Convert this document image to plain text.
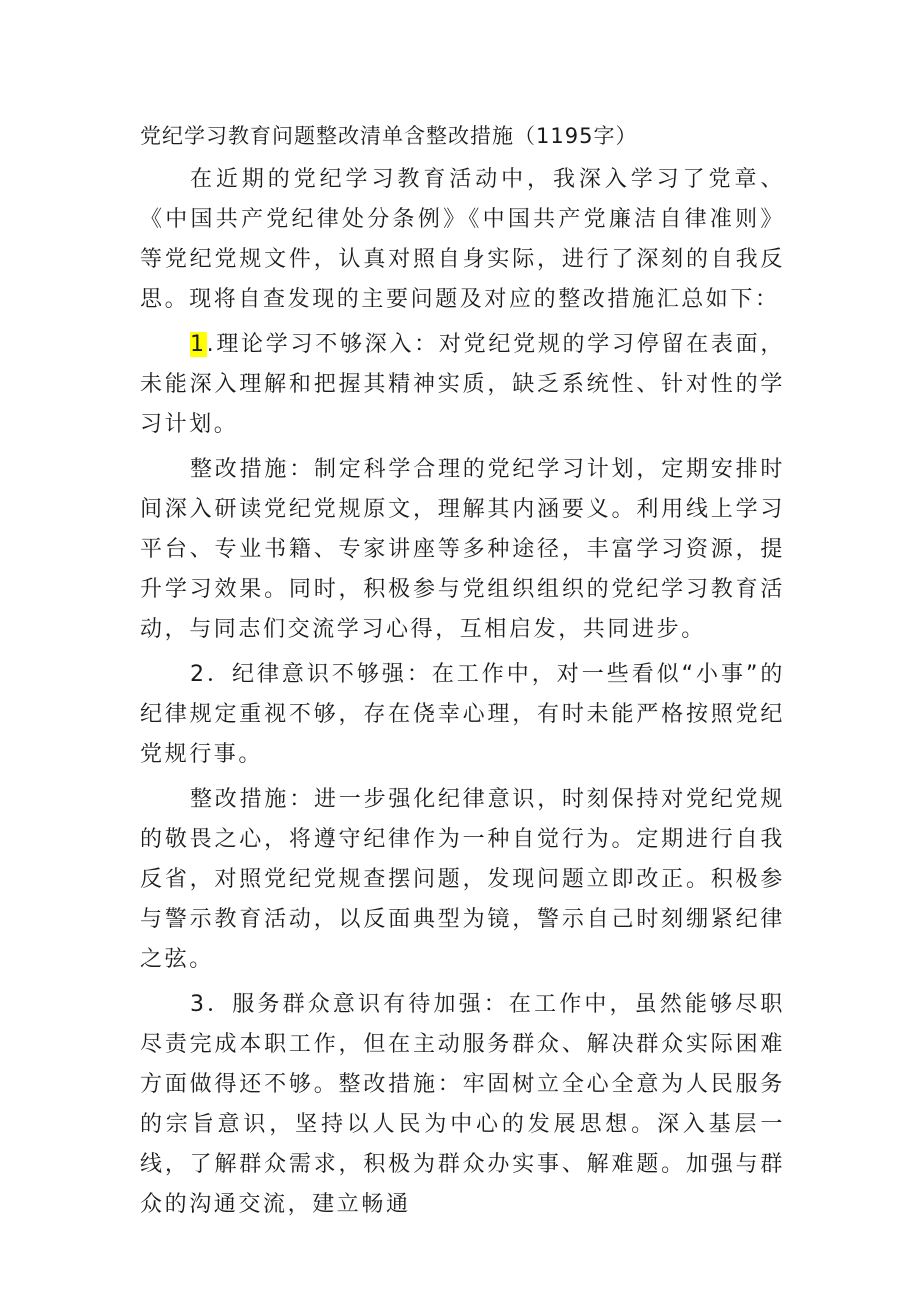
党纪学习教育问题整改清单含整改措施（1195字）

在近期的党纪学习教育活动中，我深入学习了党章、《中国共产党纪律处分条例》《中国共产党廉洁自律准则》等党纪党规文件，认真对照自身实际，进行了深刻的自我反思。现将自查发现的主要问题及对应的整改措施汇总如下：

1.理论学习不够深入：对党纪党规的学习停留在表面，未能深入理解和把握其精神实质，缺乏系统性、针对性的学习计划。

整改措施：制定科学合理的党纪学习计划，定期安排时间深入研读党纪党规原文，理解其内涵要义。利用线上学习平台、专业书籍、专家讲座等多种途径，丰富学习资源，提升学习效果。同时，积极参与党组织组织的党纪学习教育活动，与同志们交流学习心得，互相启发，共同进步。

2．纪律意识不够强：在工作中，对一些看似“小事”的纪律规定重视不够，存在侥幸心理，有时未能严格按照党纪党规行事。

整改措施：进一步强化纪律意识，时刻保持对党纪党规的敬畏之心，将遵守纪律作为一种自觉行为。定期进行自我反省，对照党纪党规查摆问题，发现问题立即改正。积极参与警示教育活动，以反面典型为镜，警示自己时刻绷紧纪律之弦。

3．服务群众意识有待加强：在工作中，虽然能够尽职尽责完成本职工作，但在主动服务群众、解决群众实际困难方面做得还不够。整改措施：牢固树立全心全意为人民服务的宗旨意识，坚持以人民为中心的发展思想。深入基层一线，了解群众需求，积极为群众办实事、解难题。加强与群众的沟通交流，建立畅通
